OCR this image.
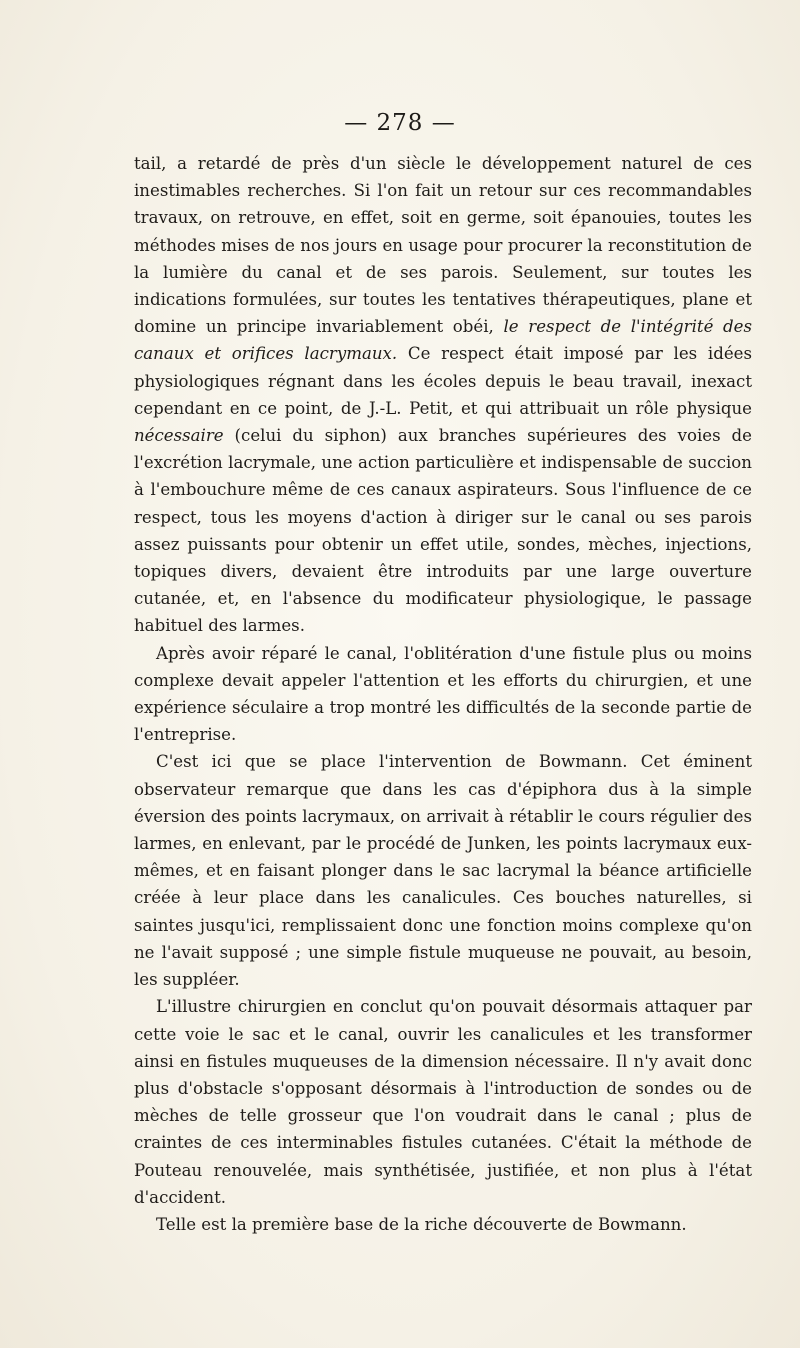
— 278 —

tail, a retardé de près d'un siècle le développement naturel de ces inestimables recherches. Si l'on fait un retour sur ces recommandables travaux, on retrouve, en effet, soit en germe, soit épanouies, toutes les méthodes mises de nos jours en usage pour procurer la reconstitution de la lumière du canal et de ses parois. Seulement, sur toutes les indications formulées, sur toutes les tentatives thérapeutiques, plane et domine un principe invariablement obéi, le respect de l'intégrité des canaux et orifices lacrymaux. Ce respect était imposé par les idées physiologiques régnant dans les écoles depuis le beau travail, inexact cependant en ce point, de J.-L. Petit, et qui attribuait un rôle physique nécessaire (celui du siphon) aux branches supérieures des voies de l'excrétion lacrymale, une action particulière et indispensable de succion à l'embouchure même de ces canaux aspirateurs. Sous l'influence de ce respect, tous les moyens d'action à diriger sur le canal ou ses parois assez puissants pour obtenir un effet utile, sondes, mèches, injections, topiques divers, devaient être introduits par une large ouverture cutanée, et, en l'absence du modificateur physiologique, le passage habituel des larmes.

Après avoir réparé le canal, l'oblitération d'une fistule plus ou moins complexe devait appeler l'attention et les efforts du chirurgien, et une expérience séculaire a trop montré les difficultés de la seconde partie de l'entreprise.

C'est ici que se place l'intervention de Bowmann. Cet éminent observateur remarque que dans les cas d'épiphora dus à la simple éversion des points lacrymaux, on arrivait à rétablir le cours régulier des larmes, en enlevant, par le procédé de Junken, les points lacrymaux eux-mêmes, et en faisant plonger dans le sac lacrymal la béance artificielle créée à leur place dans les canalicules. Ces bouches naturelles, si saintes jusqu'ici, remplissaient donc une fonction moins complexe qu'on ne l'avait supposé ; une simple fistule muqueuse ne pouvait, au besoin, les suppléer.

L'illustre chirurgien en conclut qu'on pouvait désormais attaquer par cette voie le sac et le canal, ouvrir les canalicules et les transformer ainsi en fistules muqueuses de la dimension nécessaire. Il n'y avait donc plus d'obstacle s'opposant désormais à l'introduction de sondes ou de mèches de telle grosseur que l'on voudrait dans le canal ; plus de craintes de ces interminables fistules cutanées. C'était la méthode de Pouteau renouvelée, mais synthétisée, justifiée, et non plus à l'état d'accident.

Telle est la première base de la riche découverte de Bowmann.
